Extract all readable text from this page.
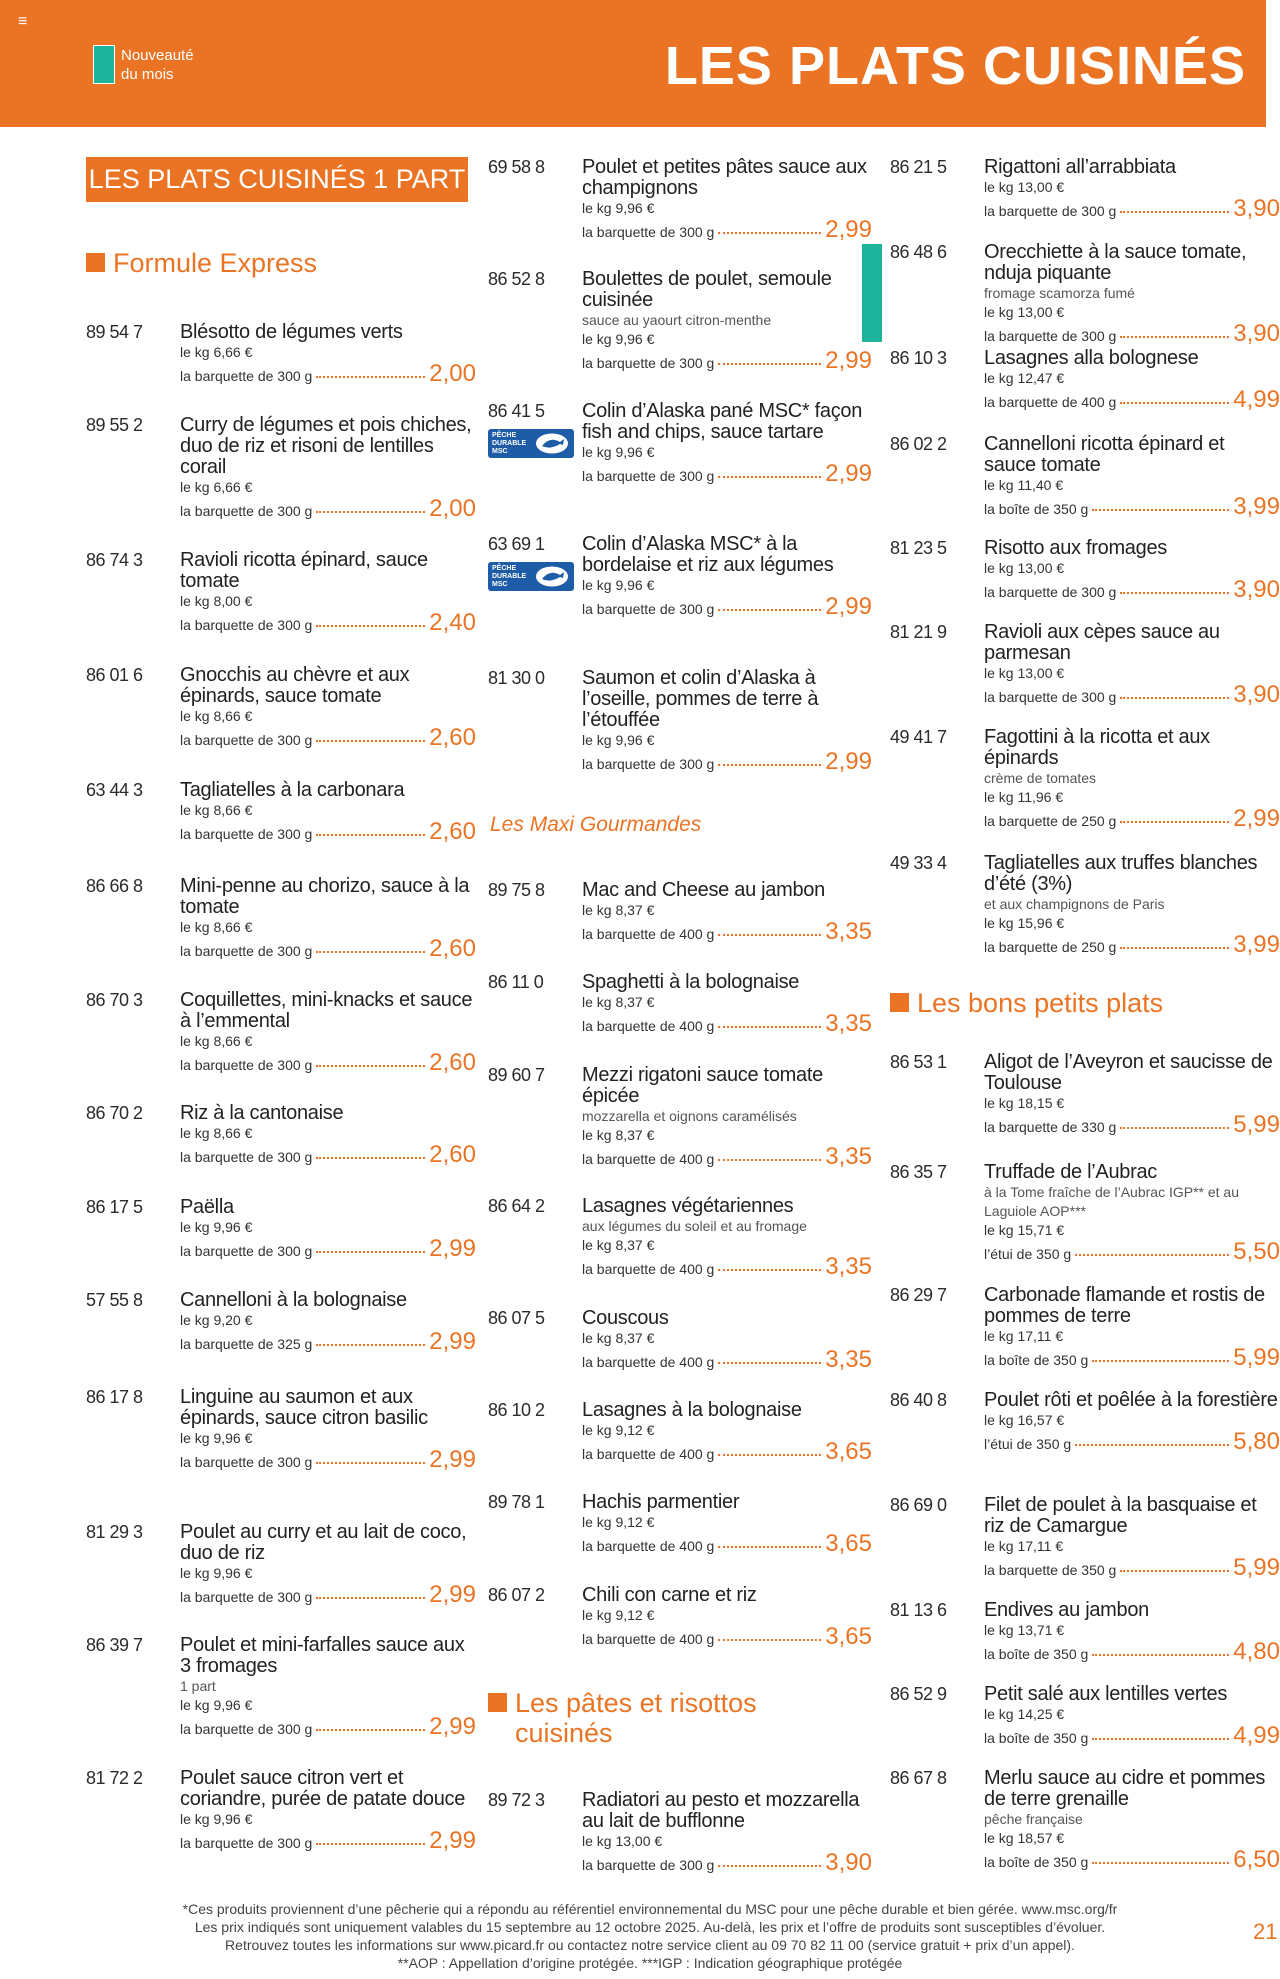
≡
Nouveauté du mois	LES PLATS CUISINÉS
LES PLATS CUISINÉS 1 PART
Formule Express
89 54 7 Blésotto de légumes verts
le kg 6,66 €
la barquette de 300 g	2,00
89 55 2 Curry de légumes et pois chiches, duo de riz et risoni de lentilles corail
le kg 6,66 €
la barquette de 300 g	2,00
86 74 3 Ravioli ricotta épinard, sauce tomate
le kg 8,00 €
la barquette de 300 g	2,40
86 01 6 Gnocchis au chèvre et aux épinards, sauce tomate
le kg 8,66 €
la barquette de 300 g	2,60
63 44 3 Tagliatelles à la carbonara
le kg 8,66 €
la barquette de 300 g	2,60
86 66 8 Mini-penne au chorizo, sauce à la tomate
le kg 8,66 €
la barquette de 300 g	2,60
86 70 3 Coquillettes, mini-knacks et sauce à l’emmental
le kg 8,66 €
la barquette de 300 g	2,60
86 70 2 Riz à la cantonaise
le kg 8,66 €
la barquette de 300 g	2,60
86 17 5 Paëlla
le kg 9,96 €
la barquette de 300 g	2,99
57 55 8 Cannelloni à la bolognaise
le kg 9,20 €
la barquette de 325 g	2,99
86 17 8 Linguine au saumon et aux épinards, sauce citron basilic
le kg 9,96 €
la barquette de 300 g	2,99
81 29 3 Poulet au curry et au lait de coco, duo de riz
le kg 9,96 €
la barquette de 300 g	2,99
86 39 7 Poulet et mini-farfalles sauce aux 3 fromages
1 part
le kg 9,96 €
la barquette de 300 g	2,99
81 72 2 Poulet sauce citron vert et coriandre, purée de patate douce
le kg 9,96 €
la barquette de 300 g	2,99
69 58 8 Poulet et petites pâtes sauce aux champignons
le kg 9,96 €
la barquette de 300 g	2,99
86 52 8 Boulettes de poulet, semoule cuisinée
sauce au yaourt citron-menthe
le kg 9,96 €
la barquette de 300 g	2,99
86 41 5
PÊCHE DURABLE MSC
Colin d’Alaska pané MSC* façon fish and chips, sauce tartare
le kg 9,96 €
la barquette de 300 g	2,99
63 69 1
PÊCHE DURABLE MSC
Colin d’Alaska MSC* à la bordelaise et riz aux légumes
le kg 9,96 €
la barquette de 300 g	2,99
81 30 0 Saumon et colin d’Alaska à l’oseille, pommes de terre à l’étouffée
le kg 9,96 €
la barquette de 300 g	2,99
Les Maxi Gourmandes
89 75 8 Mac and Cheese au jambon
le kg 8,37 €
la barquette de 400 g	3,35
86 11 0 Spaghetti à la bolognaise
le kg 8,37 €
la barquette de 400 g	3,35
89 60 7 Mezzi rigatoni sauce tomate épicée
mozzarella et oignons caramélisés
le kg 8,37 €
la barquette de 400 g	3,35
86 64 2 Lasagnes végétariennes
aux légumes du soleil et au fromage
le kg 8,37 €
la barquette de 400 g	3,35
86 07 5 Couscous
le kg 8,37 €
la barquette de 400 g	3,35
86 10 2 Lasagnes à la bolognaise
le kg 9,12 €
la barquette de 400 g	3,65
89 78 1 Hachis parmentier
le kg 9,12 €
la barquette de 400 g	3,65
86 07 2 Chili con carne et riz
le kg 9,12 €
la barquette de 400 g	3,65
Les pâtes et risottos
cuisinés
89 72 3 Radiatori au pesto et mozzarella au lait de bufflonne
le kg 13,00 €
la barquette de 300 g	3,90
86 21 5 Rigattoni all’arrabbiata
le kg 13,00 €
la barquette de 300 g	3,90
86 48 6 Orecchiette à la sauce tomate, nduja piquante
fromage scamorza fumé
le kg 13,00 €
la barquette de 300 g	3,90
86 10 3 Lasagnes alla bolognese
le kg 12,47 €
la barquette de 400 g	4,99
86 02 2 Cannelloni ricotta épinard et sauce tomate
le kg 11,40 €
la boîte de 350 g	3,99
81 23 5 Risotto aux fromages
le kg 13,00 €
la barquette de 300 g	3,90
81 21 9 Ravioli aux cèpes sauce au parmesan
le kg 13,00 €
la barquette de 300 g	3,90
49 41 7 Fagottini à la ricotta et aux épinards
crème de tomates
le kg 11,96 €
la barquette de 250 g	2,99
49 33 4 Tagliatelles aux truffes blanches d’été (3%)
et aux champignons de Paris
le kg 15,96 €
la barquette de 250 g	3,99
Les bons petits plats
86 53 1 Aligot de l’Aveyron et saucisse de Toulouse
le kg 18,15 €
la barquette de 330 g	5,99
86 35 7 Truffade de l’Aubrac
à la Tome fraîche de l’Aubrac IGP** et au Laguiole AOP***
le kg 15,71 €
l’étui de 350 g	5,50
86 29 7 Carbonade flamande et rostis de pommes de terre
le kg 17,11 €
la boîte de 350 g	5,99
86 40 8 Poulet rôti et poêlée à la forestière
le kg 16,57 €
l’étui de 350 g	5,80
86 69 0 Filet de poulet à la basquaise et riz de Camargue
le kg 17,11 €
la barquette de 350 g	5,99
81 13 6 Endives au jambon
le kg 13,71 €
la boîte de 350 g	4,80
86 52 9 Petit salé aux lentilles vertes
le kg 14,25 €
la boîte de 350 g	4,99
86 67 8 Merlu sauce au cidre et pommes de terre grenaille
pêche française
le kg 18,57 €
la boîte de 350 g	6,50
*Ces produits proviennent d’une pêcherie qui a répondu au référentiel environnemental du MSC pour une pêche durable et bien gérée. www.msc.org/fr
Les prix indiqués sont uniquement valables du 15 septembre au 12 octobre 2025. Au-delà, les prix et l’offre de produits sont susceptibles d’évoluer.
Retrouvez toutes les informations sur www.picard.fr ou contactez notre service client au 09 70 82 11 00 (service gratuit + prix d’un appel).
**AOP : Appellation d’origine protégée. ***IGP : Indication géographique protégée
21
